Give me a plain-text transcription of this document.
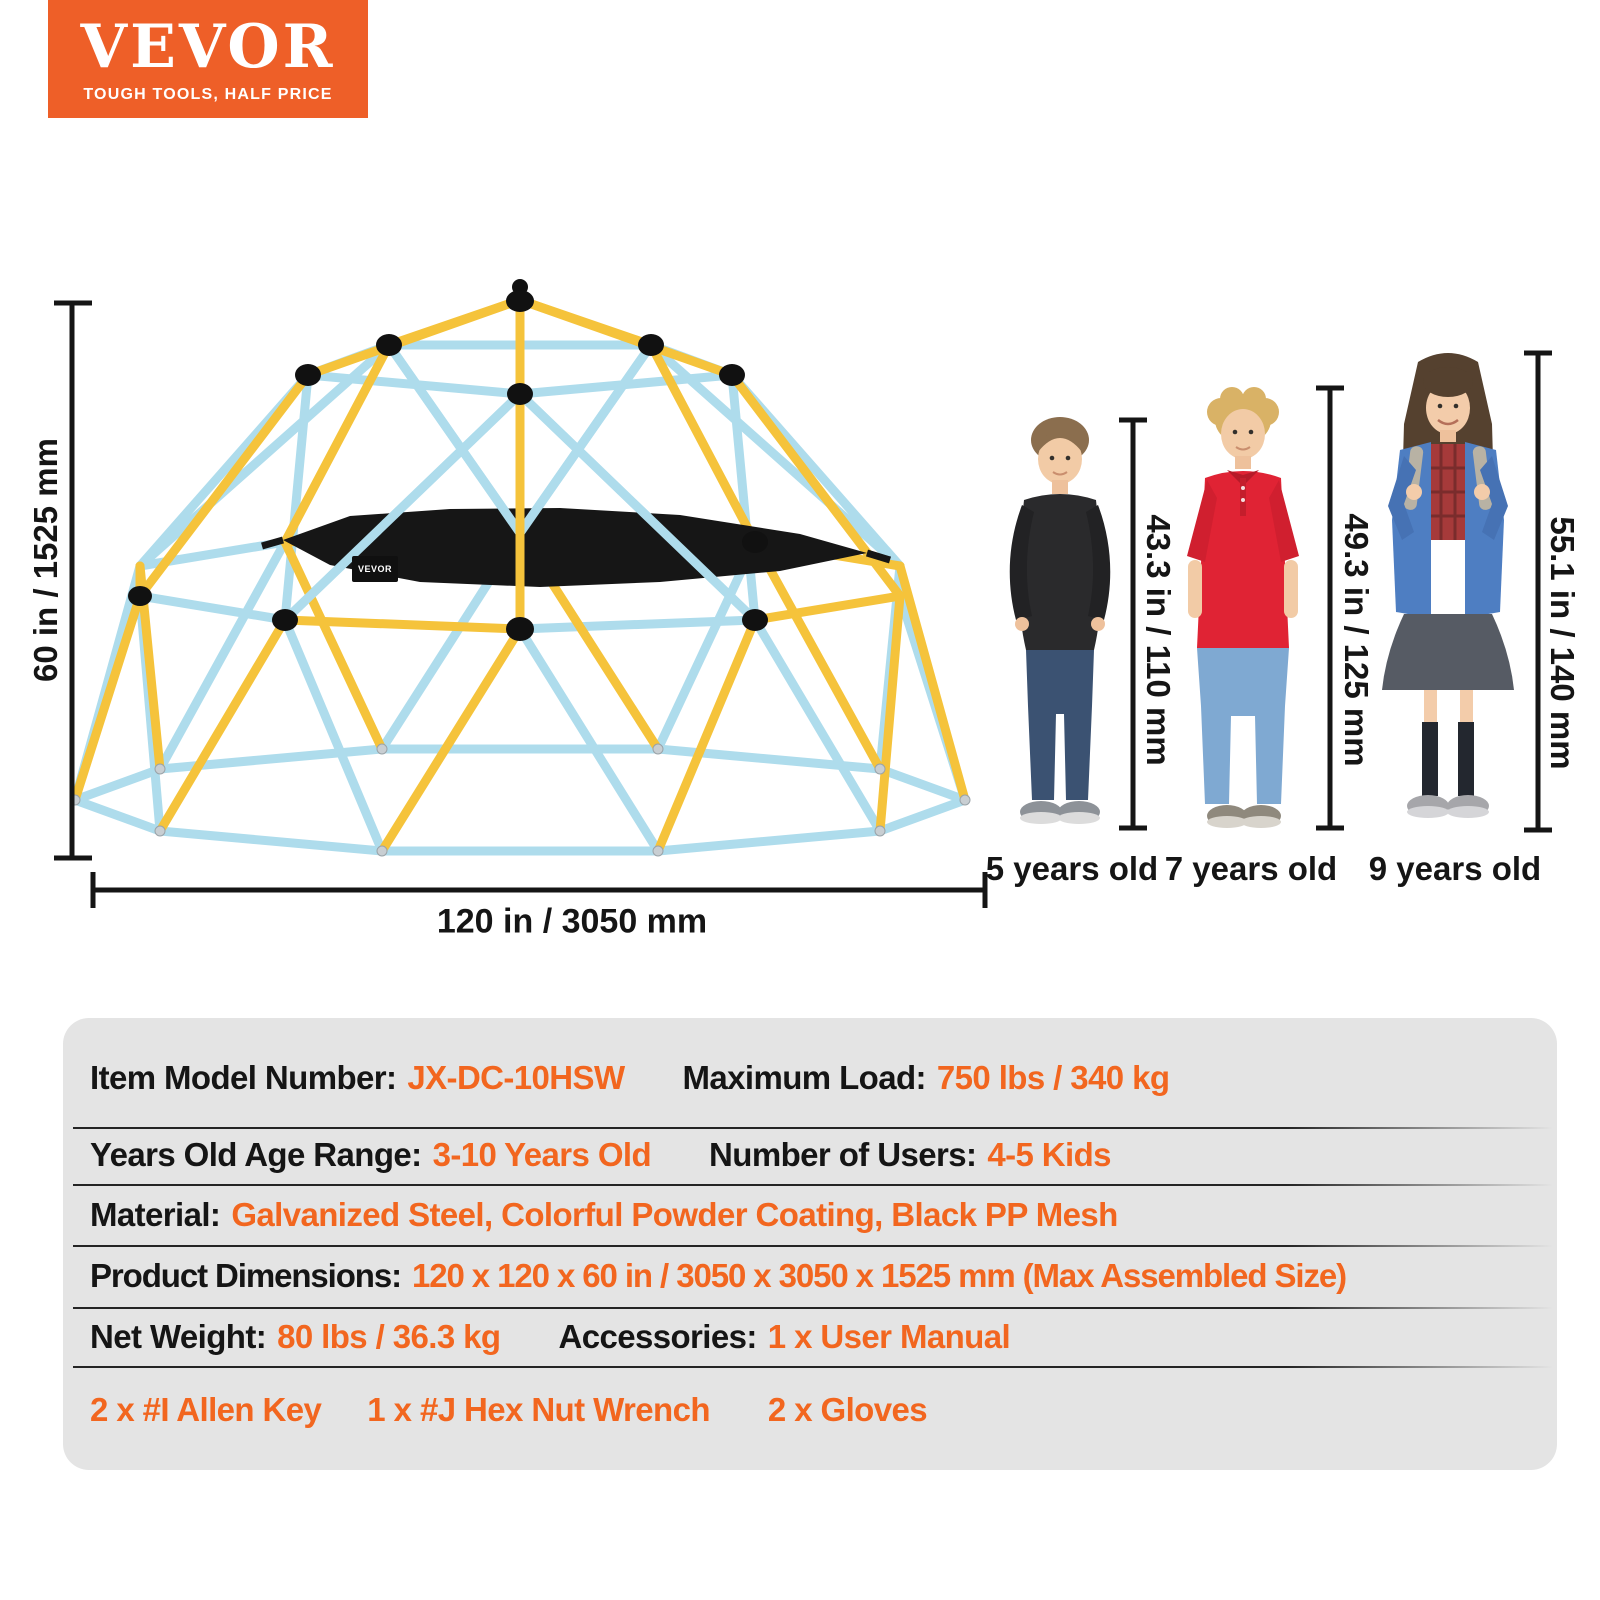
VEVOR
TOUGH TOOLS, HALF PRICE
VEVOR
60 in / 1525 mm
120 in / 3050 mm
43.3 in / 110 mm	49.3 in / 125 mm	55.1 in / 140 mm
5 years old 7 years old 9 years old
Item Model Number: JX-DC-10HSW Maximum Load: 750 lbs / 340 kg
Years Old Age Range: 3-10 Years Old Number of Users: 4-5 Kids
Material: Galvanized Steel, Colorful Powder Coating, Black PP Mesh
Product Dimensions: 120 x 120 x 60 in / 3050 x 3050 x 1525 mm (Max Assembled Size)
Net Weight: 80 lbs / 36.3 kg Accessories: 1 x User Manual
2 x #I Allen Key 1 x #J Hex Nut Wrench 2 x Gloves
